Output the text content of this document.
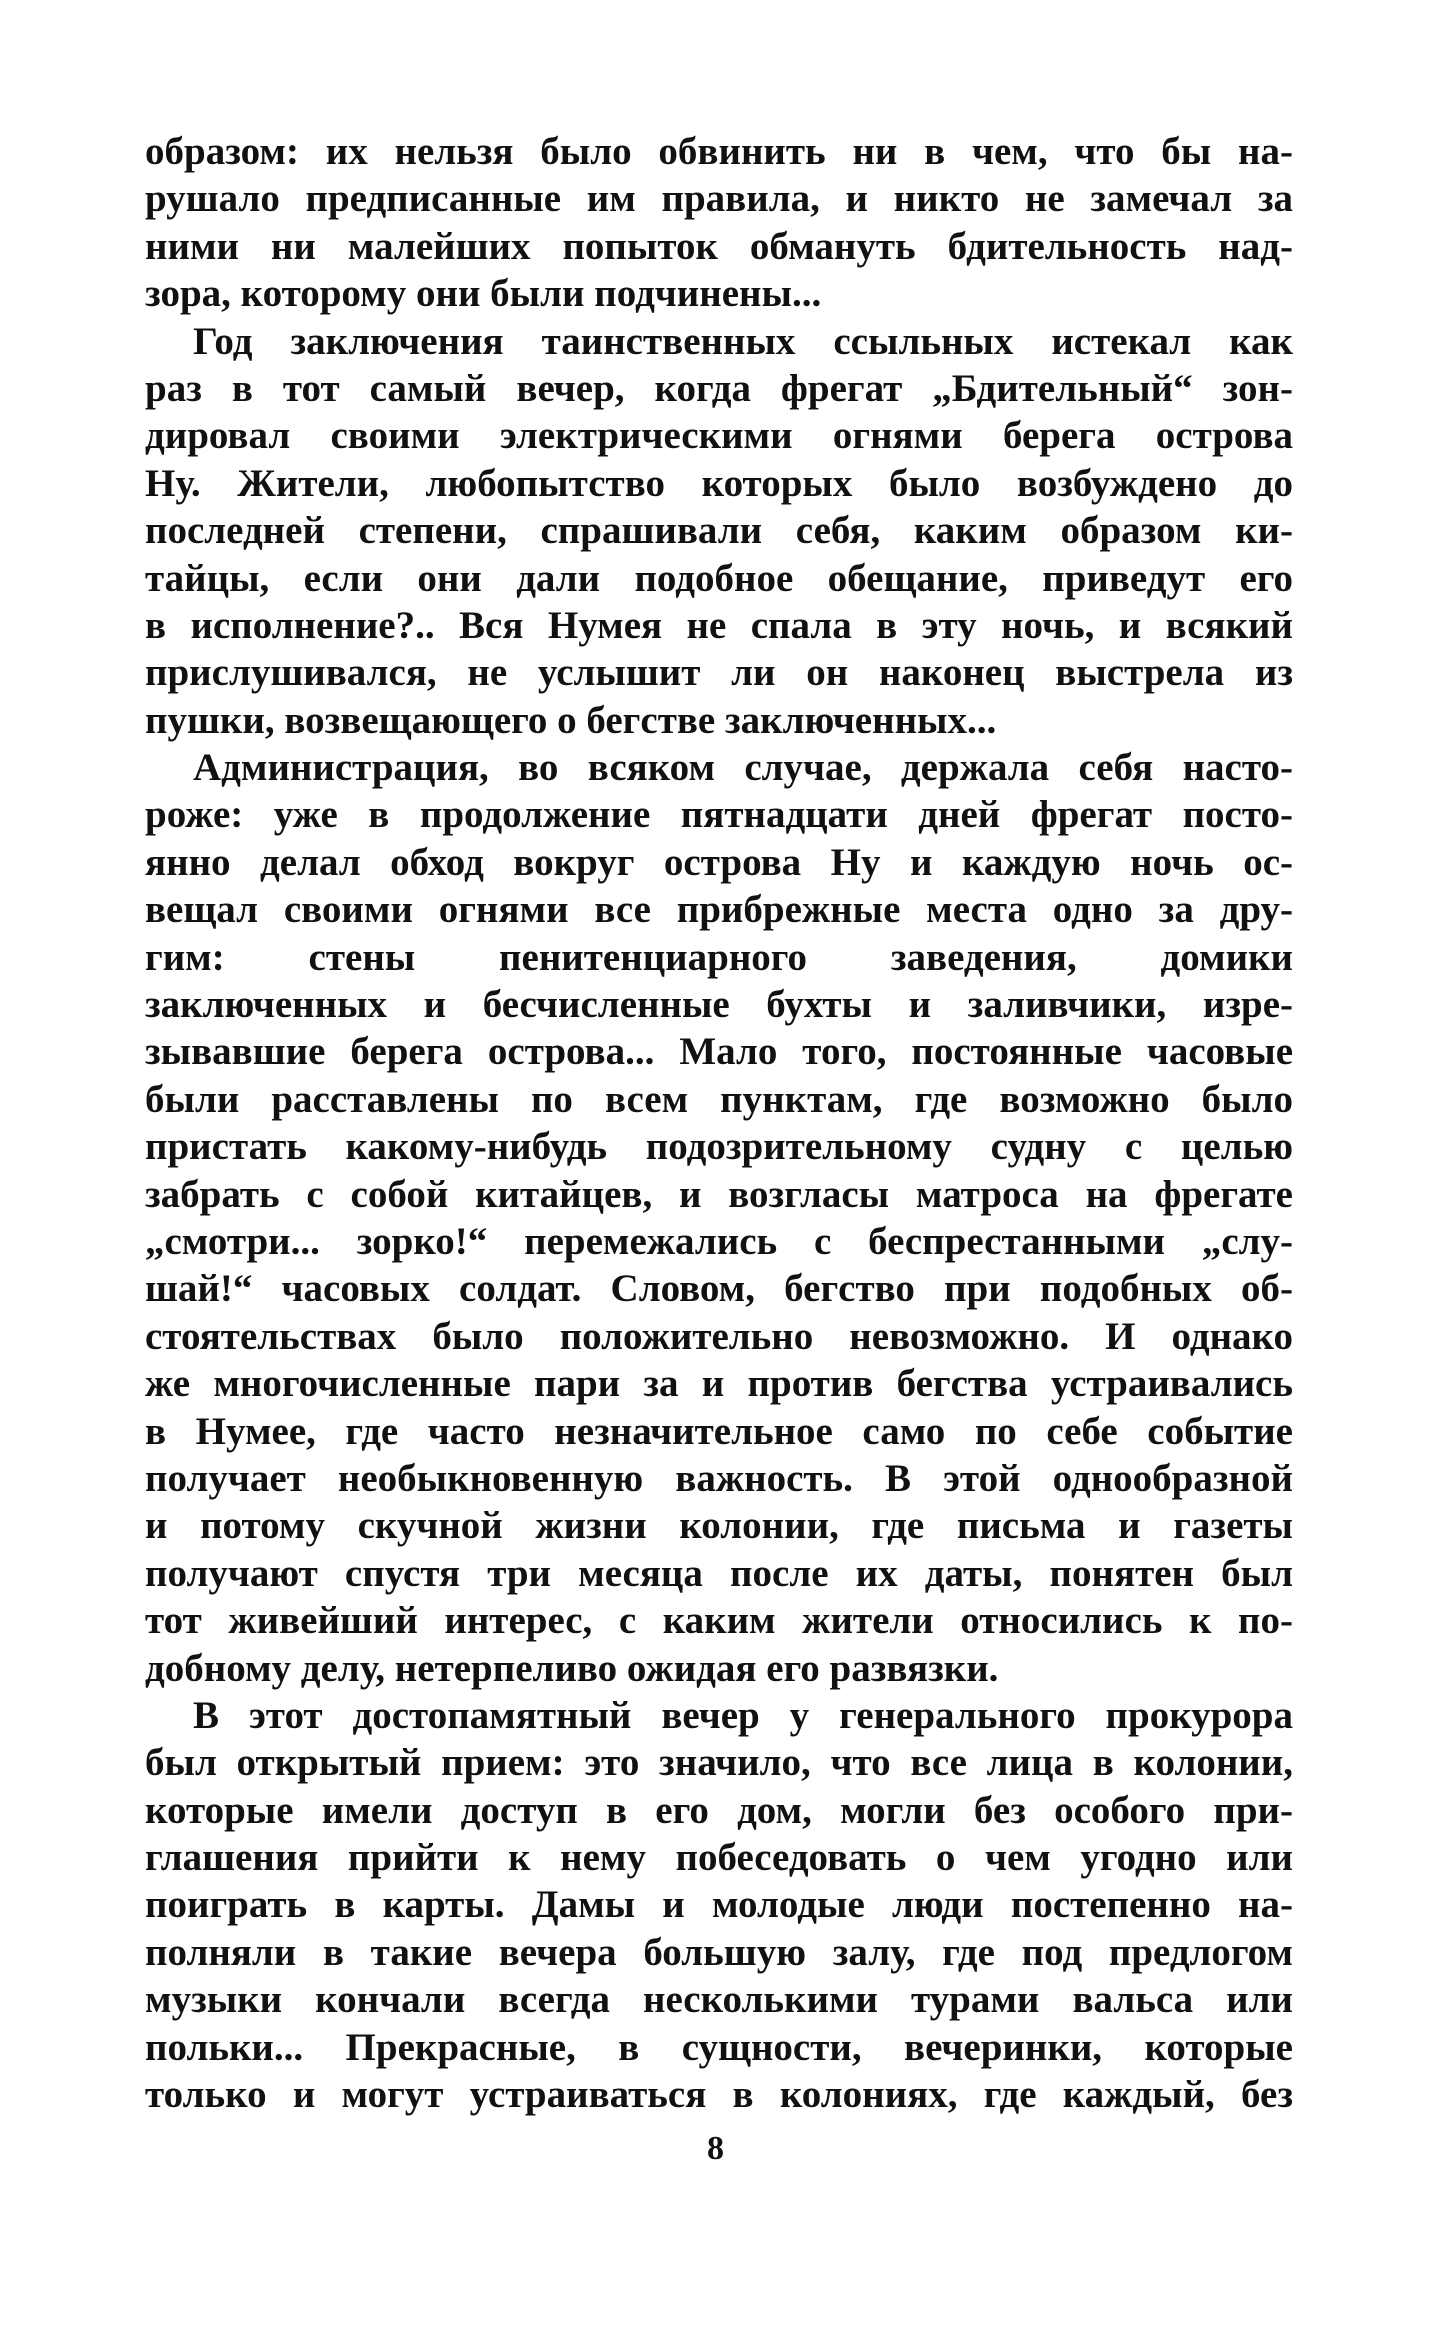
образом: их нельзя было обвинить ни в чем, что бы на-
рушало предписанные им правила, и никто не замечал за
ними ни малейших попыток обмануть бдительность над-
зора, которому они были подчинены...
Год заключения таинственных ссыльных истекал как
раз в тот самый вечер, когда фрегат „Бдительный“ зон-
дировал своими электрическими огнями берега острова
Ну. Жители, любопытство которых было возбуждено до
последней степени, спрашивали себя, каким образом ки-
тайцы, если они дали подобное обещание, приведут его
в исполнение?.. Вся Нумея не спала в эту ночь, и всякий
прислушивался, не услышит ли он наконец выстрела из
пушки, возвещающего о бегстве заключенных...
Администрация, во всяком случае, держала себя насто-
роже: уже в продолжение пятнадцати дней фрегат посто-
янно делал обход вокруг острова Ну и каждую ночь ос-
вещал своими огнями все прибрежные места одно за дру-
гим: стены пенитенциарного заведения, домики
заключенных и бесчисленные бухты и заливчики, изре-
зывавшие берега острова... Мало того, постоянные часовые
были расставлены по всем пунктам, где возможно было
пристать какому-нибудь подозрительному судну с целью
забрать с собой китайцев, и возгласы матроса на фрегате
„смотри... зорко!“ перемежались с беспрестанными „слу-
шай!“ часовых солдат. Словом, бегство при подобных об-
стоятельствах было положительно невозможно. И однако
же многочисленные пари за и против бегства устраивались
в Нумее, где часто незначительное само по себе событие
получает необыкновенную важность. В этой однообразной
и потому скучной жизни колонии, где письма и газеты
получают спустя три месяца после их даты, понятен был
тот живейший интерес, с каким жители относились к по-
добному делу, нетерпеливо ожидая его развязки.
В этот достопамятный вечер у генерального прокурора
был открытый прием: это значило, что все лица в колонии,
которые имели доступ в его дом, могли без особого при-
глашения прийти к нему побеседовать о чем угодно или
поиграть в карты. Дамы и молодые люди постепенно на-
полняли в такие вечера большую залу, где под предлогом
музыки кончали всегда несколькими турами вальса или
польки... Прекрасные, в сущности, вечеринки, которые
только и могут устраиваться в колониях, где каждый, без
8
